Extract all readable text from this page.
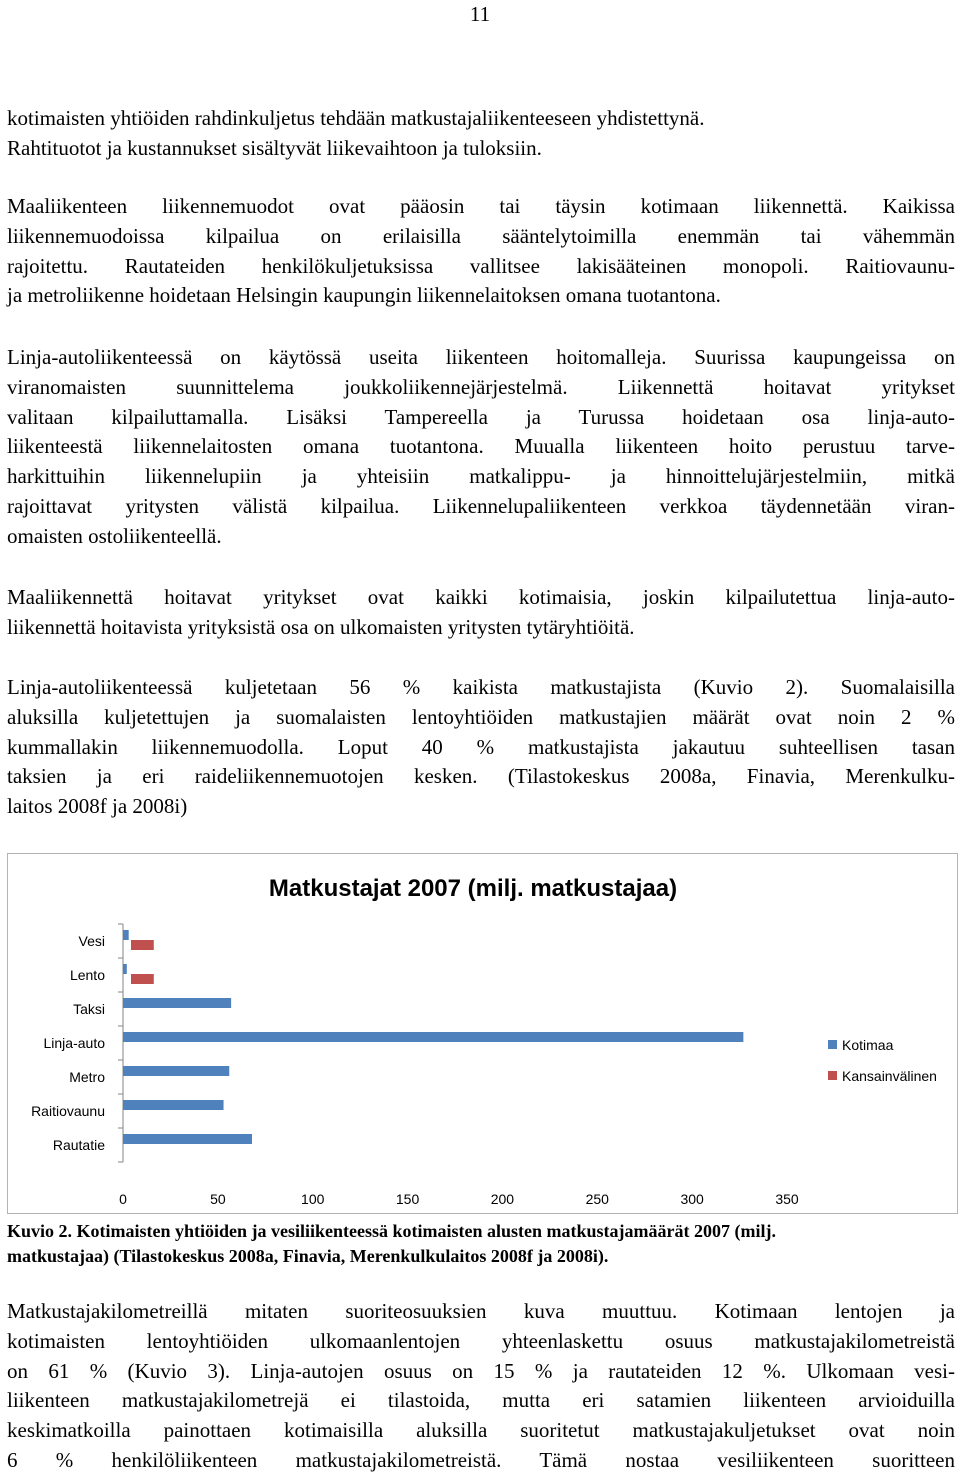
11
kotimaisten yhtiöiden rahdinkuljetus tehdään matkustajaliikenteeseen yhdistettynä.
Rahtituotot ja kustannukset sisältyvät liikevaihtoon ja tuloksiin.
Maaliikenteen liikennemuodot ovat pääosin tai täysin kotimaan liikennettä. Kaikissa
liikennemuodoissa kilpailua on erilaisilla sääntelytoimilla enemmän tai vähemmän
rajoitettu. Rautateiden henkilökuljetuksissa vallitsee lakisääteinen monopoli. Raitiovaunu-
ja metroliikenne hoidetaan Helsingin kaupungin liikennelaitoksen omana tuotantona.
Linja-autoliikenteessä on käytössä useita liikenteen hoitomalleja. Suurissa kaupungeissa on
viranomaisten suunnittelema joukkoliikennejärjestelmä. Liikennettä hoitavat yritykset
valitaan kilpailuttamalla. Lisäksi Tampereella ja Turussa hoidetaan osa linja-auto-
liikenteestä liikennelaitosten omana tuotantona. Muualla liikenteen hoito perustuu tarve-
harkittuihin liikennelupiin ja yhteisiin matkalippu- ja hinnoittelujärjestelmiin, mitkä
rajoittavat yritysten välistä kilpailua. Liikennelupaliikenteen verkkoa täydennetään viran-
omaisten ostoliikenteellä.
Maaliikennettä hoitavat yritykset ovat kaikki kotimaisia, joskin kilpailutettua linja-auto-
liikennettä hoitavista yrityksistä osa on ulkomaisten yritysten tytäryhtiöitä.
Linja-autoliikenteessä kuljetetaan 56 % kaikista matkustajista (Kuvio 2). Suomalaisilla
aluksilla kuljetettujen ja suomalaisten lentoyhtiöiden matkustajien määrät ovat noin 2 %
kummallakin liikennemuodolla. Loput 40 % matkustajista jakautuu suhteellisen tasan
taksien ja eri raideliikennemuotojen kesken. (Tilastokeskus 2008a, Finavia, Merenkulku-
laitos 2008f ja 2008i)
Matkustajat 2007 (milj. matkustajaa)
Vesi
Lento
Taksi
Linja-auto
Metro
Raitiovaunu
Rautatie
0	50	100	150	200	250	300	350
Kotimaa
Kansainvälinen
Kuvio 2. Kotimaisten yhtiöiden ja vesiliikenteessä kotimaisten alusten matkustajamäärät 2007 (milj.
matkustajaa) (Tilastokeskus 2008a, Finavia, Merenkulkulaitos 2008f ja 2008i).
Matkustajakilometreillä mitaten suoriteosuuksien kuva muuttuu. Kotimaan lentojen ja
kotimaisten lentoyhtiöiden ulkomaanlentojen yhteenlaskettu osuus matkustajakilometreistä
on 61 % (Kuvio 3). Linja-autojen osuus on 15 % ja rautateiden 12 %. Ulkomaan vesi-
liikenteen matkustajakilometrejä ei tilastoida, mutta eri satamien liikenteen arvioiduilla
keskimatkoilla painottaen kotimaisilla aluksilla suoritetut matkustajakuljetukset ovat noin
6 % henkilöliikenteen matkustajakilometreistä. Tämä nostaa vesiliikenteen suoritteen
